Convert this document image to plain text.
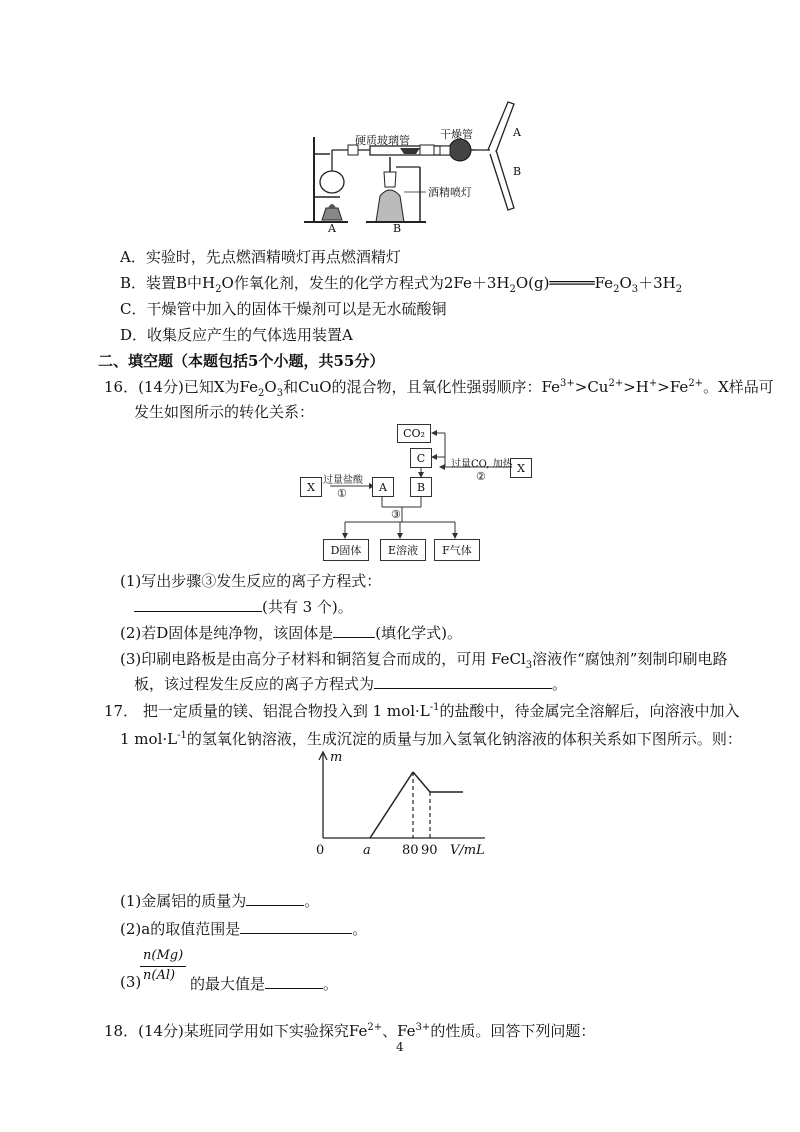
硬质玻璃管	干燥管
酒精喷灯
A
B
A	B
A．实验时，先点燃酒精喷灯再点燃酒精灯
B．装置B中$H_2O$作氧化剂，发生的化学方程式为$2Fe+3H_2O(g)═════Fe_2O_3+3H_2$
C．干燥管中加入的固体干燥剂可以是无水硫酸铜
D．收集反应产生的气体选用装置A
二、填空题（本题包括5个小题，共55分）
16．(14分)已知X为$Fe_2O_3$和CuO的混合物，且氧化性强弱顺序：$Fe^{3+}>Cu^{2+}>H^+>Fe^{2+}$。X样品可
发生如图所示的转化关系：
CO₂
C
X	A	B
X
过量盐酸
①
过量CO, 加热
②
③
D固体	E溶液	F气体
(1)写出步骤③发生反应的离子方程式：
(共有 3 个)。
(2)若D固体是纯净物，该固体是	(填化学式)。
(3)印刷电路板是由高分子材料和铜箔复合而成的，可用 FeCl$_3$溶液作“腐蚀剂”刻制印刷电路
板，该过程发生反应的离子方程式为	。
17． 把一定质量的镁、铝混合物投入到 1 $mol\cdot L^{-1}$的盐酸中，待金属完全溶解后，向溶液中加入
1 $mol\cdot L^{-1}$的氢氧化钠溶液，生成沉淀的质量与加入氢氧化钠溶液的体积关系如下图所示。则：
m
0	a 80 90 V/mL
(1)金属铝的质量为	。
(2)a的取值范围是	。
n(Mg)
n(Al)
(3)	的最大值是	。
18．(14分)某班同学用如下实验探究$Fe^{2+}$、$Fe^{3+}$的性质。回答下列问题：
4
